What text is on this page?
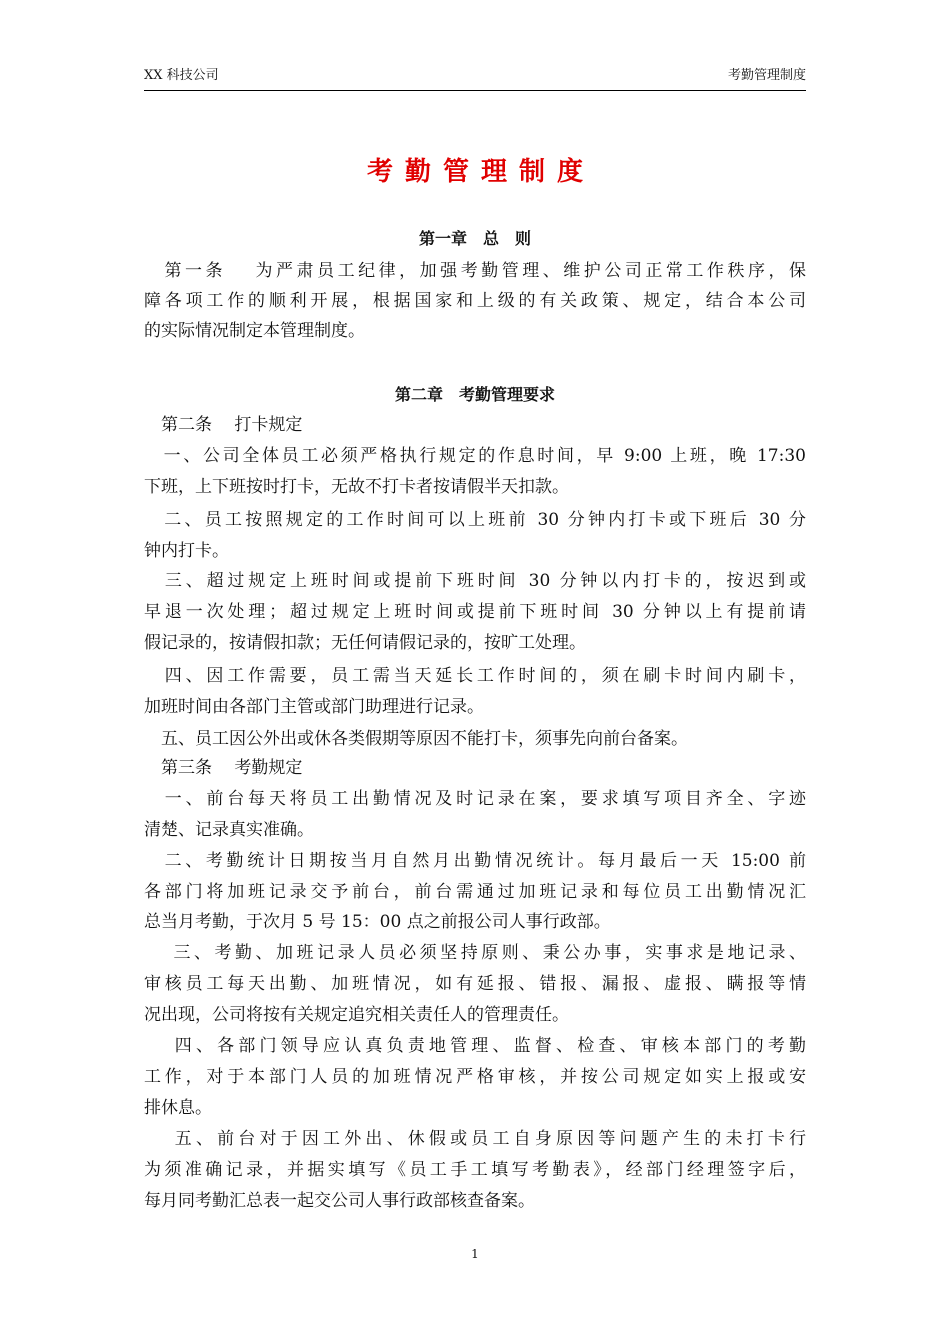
XX 科技公司	考勤管理制度
考勤管理制度
第一章　总　则
　第一条　 为严肃员工纪律，加强考勤管理、维护公司正常工作秩序，保
障各项工作的顺利开展，根据国家和上级的有关政策、规定，结合本公司
的实际情况制定本管理制度。
第二章　考勤管理要求
　第二条　 打卡规定
　一、公司全体员工必须严格执行规定的作息时间，早 9:00 上班，晚 17:30
下班，上下班按时打卡，无故不打卡者按请假半天扣款。
　二、员工按照规定的工作时间可以上班前 30 分钟内打卡或下班后 30 分
钟内打卡。
　三、超过规定上班时间或提前下班时间 30 分钟以内打卡的，按迟到或
早退一次处理；超过规定上班时间或提前下班时间 30 分钟以上有提前请
假记录的，按请假扣款；无任何请假记录的，按旷工处理。
　四、因工作需要，员工需当天延长工作时间的，须在刷卡时间内刷卡，
加班时间由各部门主管或部门助理进行记录。
　五、员工因公外出或休各类假期等原因不能打卡，须事先向前台备案。
　第三条　 考勤规定
　一、前台每天将员工出勤情况及时记录在案，要求填写项目齐全、字迹
清楚、记录真实准确。
　二、考勤统计日期按当月自然月出勤情况统计。每月最后一天 15:00 前
各部门将加班记录交予前台，前台需通过加班记录和每位员工出勤情况汇
总当月考勤，于次月 5 号 15：00 点之前报公司人事行政部。
　 三、考勤、加班记录人员必须坚持原则、秉公办事，实事求是地记录、
审核员工每天出勤、加班情况，如有延报、错报、漏报、虚报、瞒报等情
况出现，公司将按有关规定追究相关责任人的管理责任。
　 四、各部门领导应认真负责地管理、监督、检查、审核本部门的考勤
工作，对于本部门人员的加班情况严格审核，并按公司规定如实上报或安
排休息。
　 五、前台对于因工外出、休假或员工自身原因等问题产生的未打卡行
为须准确记录，并据实填写《员工手工填写考勤表》，经部门经理签字后，
每月同考勤汇总表一起交公司人事行政部核查备案。
1
